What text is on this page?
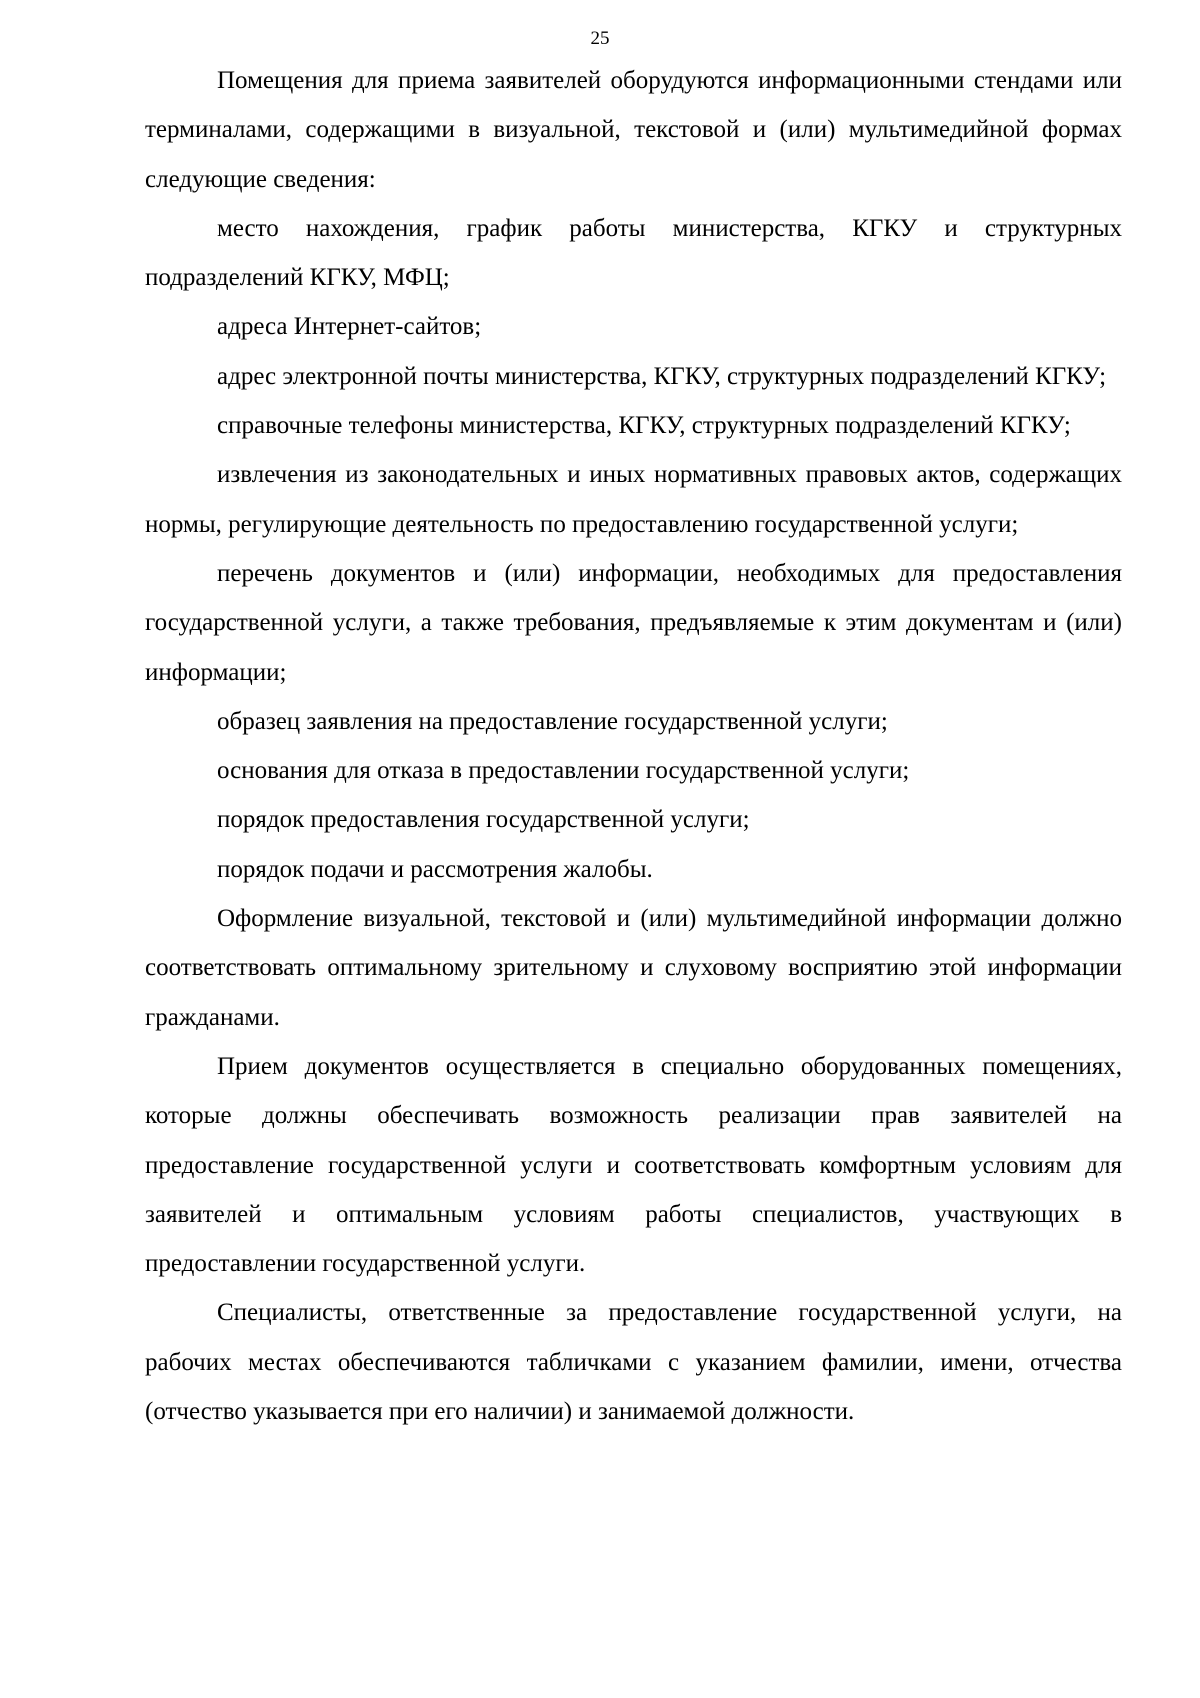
25

Помещения для приема заявителей оборудуются информационными стендами или терминалами, содержащими в визуальной, текстовой и (или) мультимедийной формах следующие сведения:

место нахождения, график работы министерства, КГКУ и структурных подразделений КГКУ, МФЦ;

адреса Интернет-сайтов;

адрес электронной почты министерства, КГКУ, структурных подразделений КГКУ;

справочные телефоны министерства, КГКУ, структурных подразделений КГКУ;

извлечения из законодательных и иных нормативных правовых актов, содержащих нормы, регулирующие деятельность по предоставлению государственной услуги;

перечень документов и (или) информации, необходимых для предоставления государственной услуги, а также требования, предъявляемые к этим документам и (или) информации;

образец заявления на предоставление государственной услуги;

основания для отказа в предоставлении государственной услуги;

порядок предоставления государственной услуги;

порядок подачи и рассмотрения жалобы.

Оформление визуальной, текстовой и (или) мультимедийной информации должно соответствовать оптимальному зрительному и слуховому восприятию этой информации гражданами.

Прием документов осуществляется в специально оборудованных помещениях, которые должны обеспечивать возможность реализации прав заявителей на предоставление государственной услуги и соответствовать комфортным условиям для заявителей и оптимальным условиям работы специалистов, участвующих в предоставлении государственной услуги.

Специалисты, ответственные за предоставление государственной услуги, на рабочих местах обеспечиваются табличками с указанием фамилии, имени, отчества (отчество указывается при его наличии) и занимаемой должности.
